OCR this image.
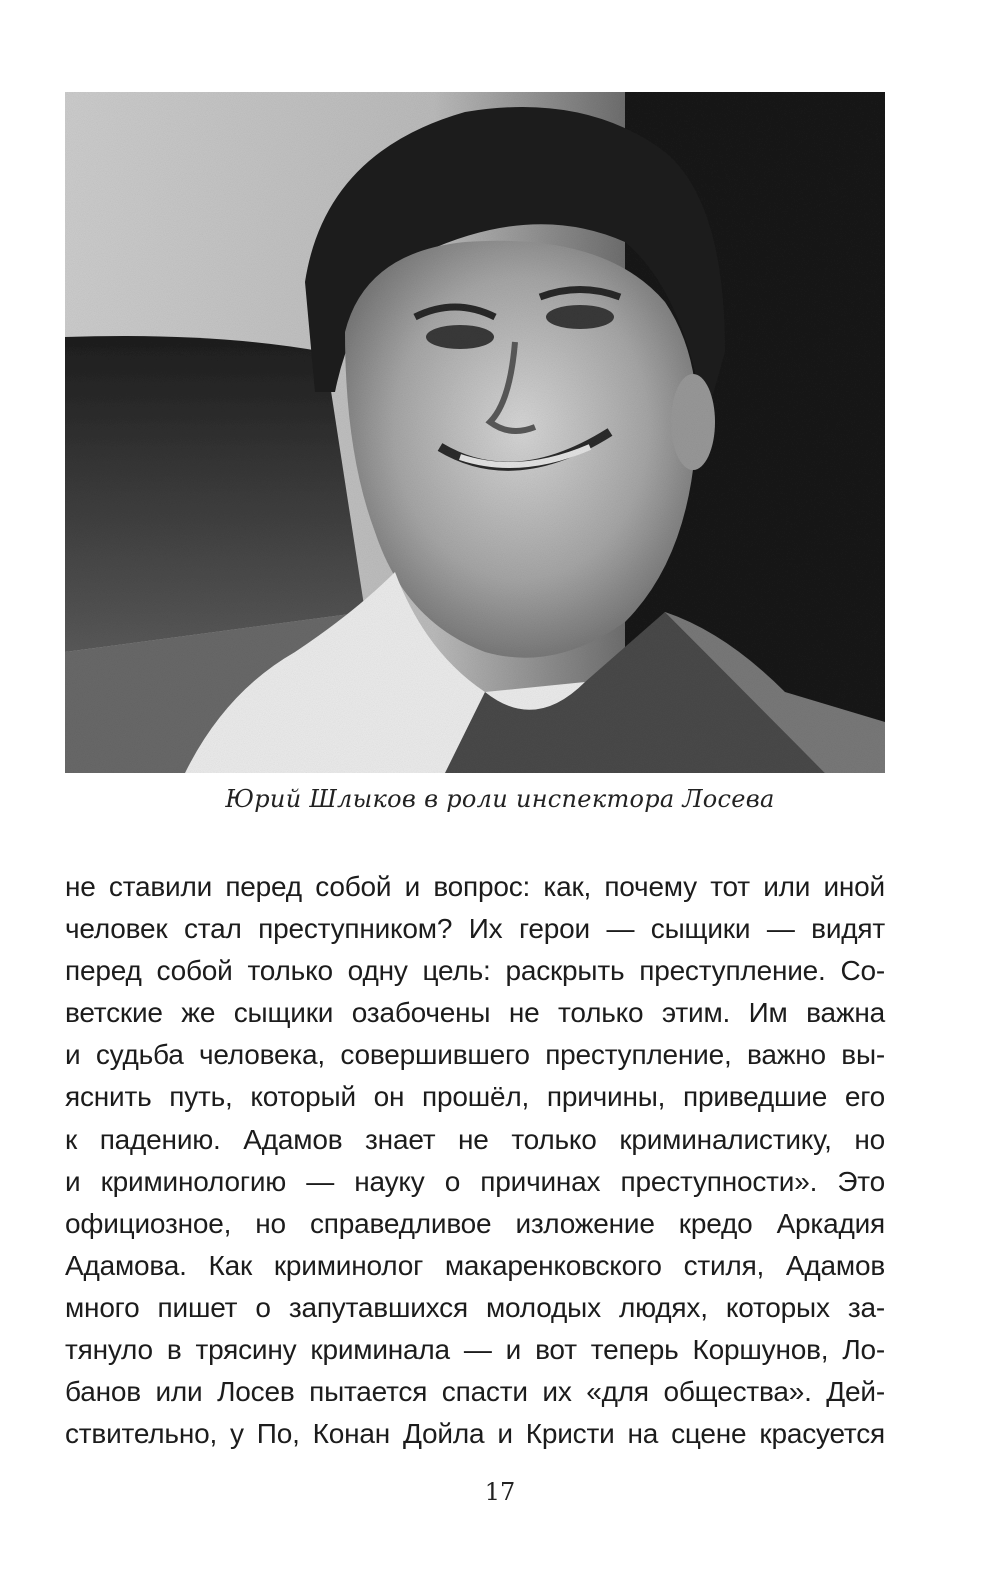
Юрий Шлыков в роли инспектора Лосева
не ставили перед собой и вопрос: как, почему тот или иной
человек стал преступником? Их герои — сыщики — видят
перед собой только одну цель: раскрыть преступление. Со-
ветские же сыщики озабочены не только этим. Им важна
и судьба человека, совершившего преступление, важно вы-
яснить путь, который он прошёл, причины, приведшие его
к падению. Адамов знает не только криминалистику, но
и криминологию — науку о причинах преступности». Это
официозное, но справедливое изложение кредо Аркадия
Адамова. Как криминолог макаренковского стиля, Адамов
много пишет о запутавшихся молодых людях, которых за-
тянуло в трясину криминала — и вот теперь Коршунов, Ло-
банов или Лосев пытается спасти их «для общества». Дей-
ствительно, у По, Конан Дойла и Кристи на сцене красуется
17
